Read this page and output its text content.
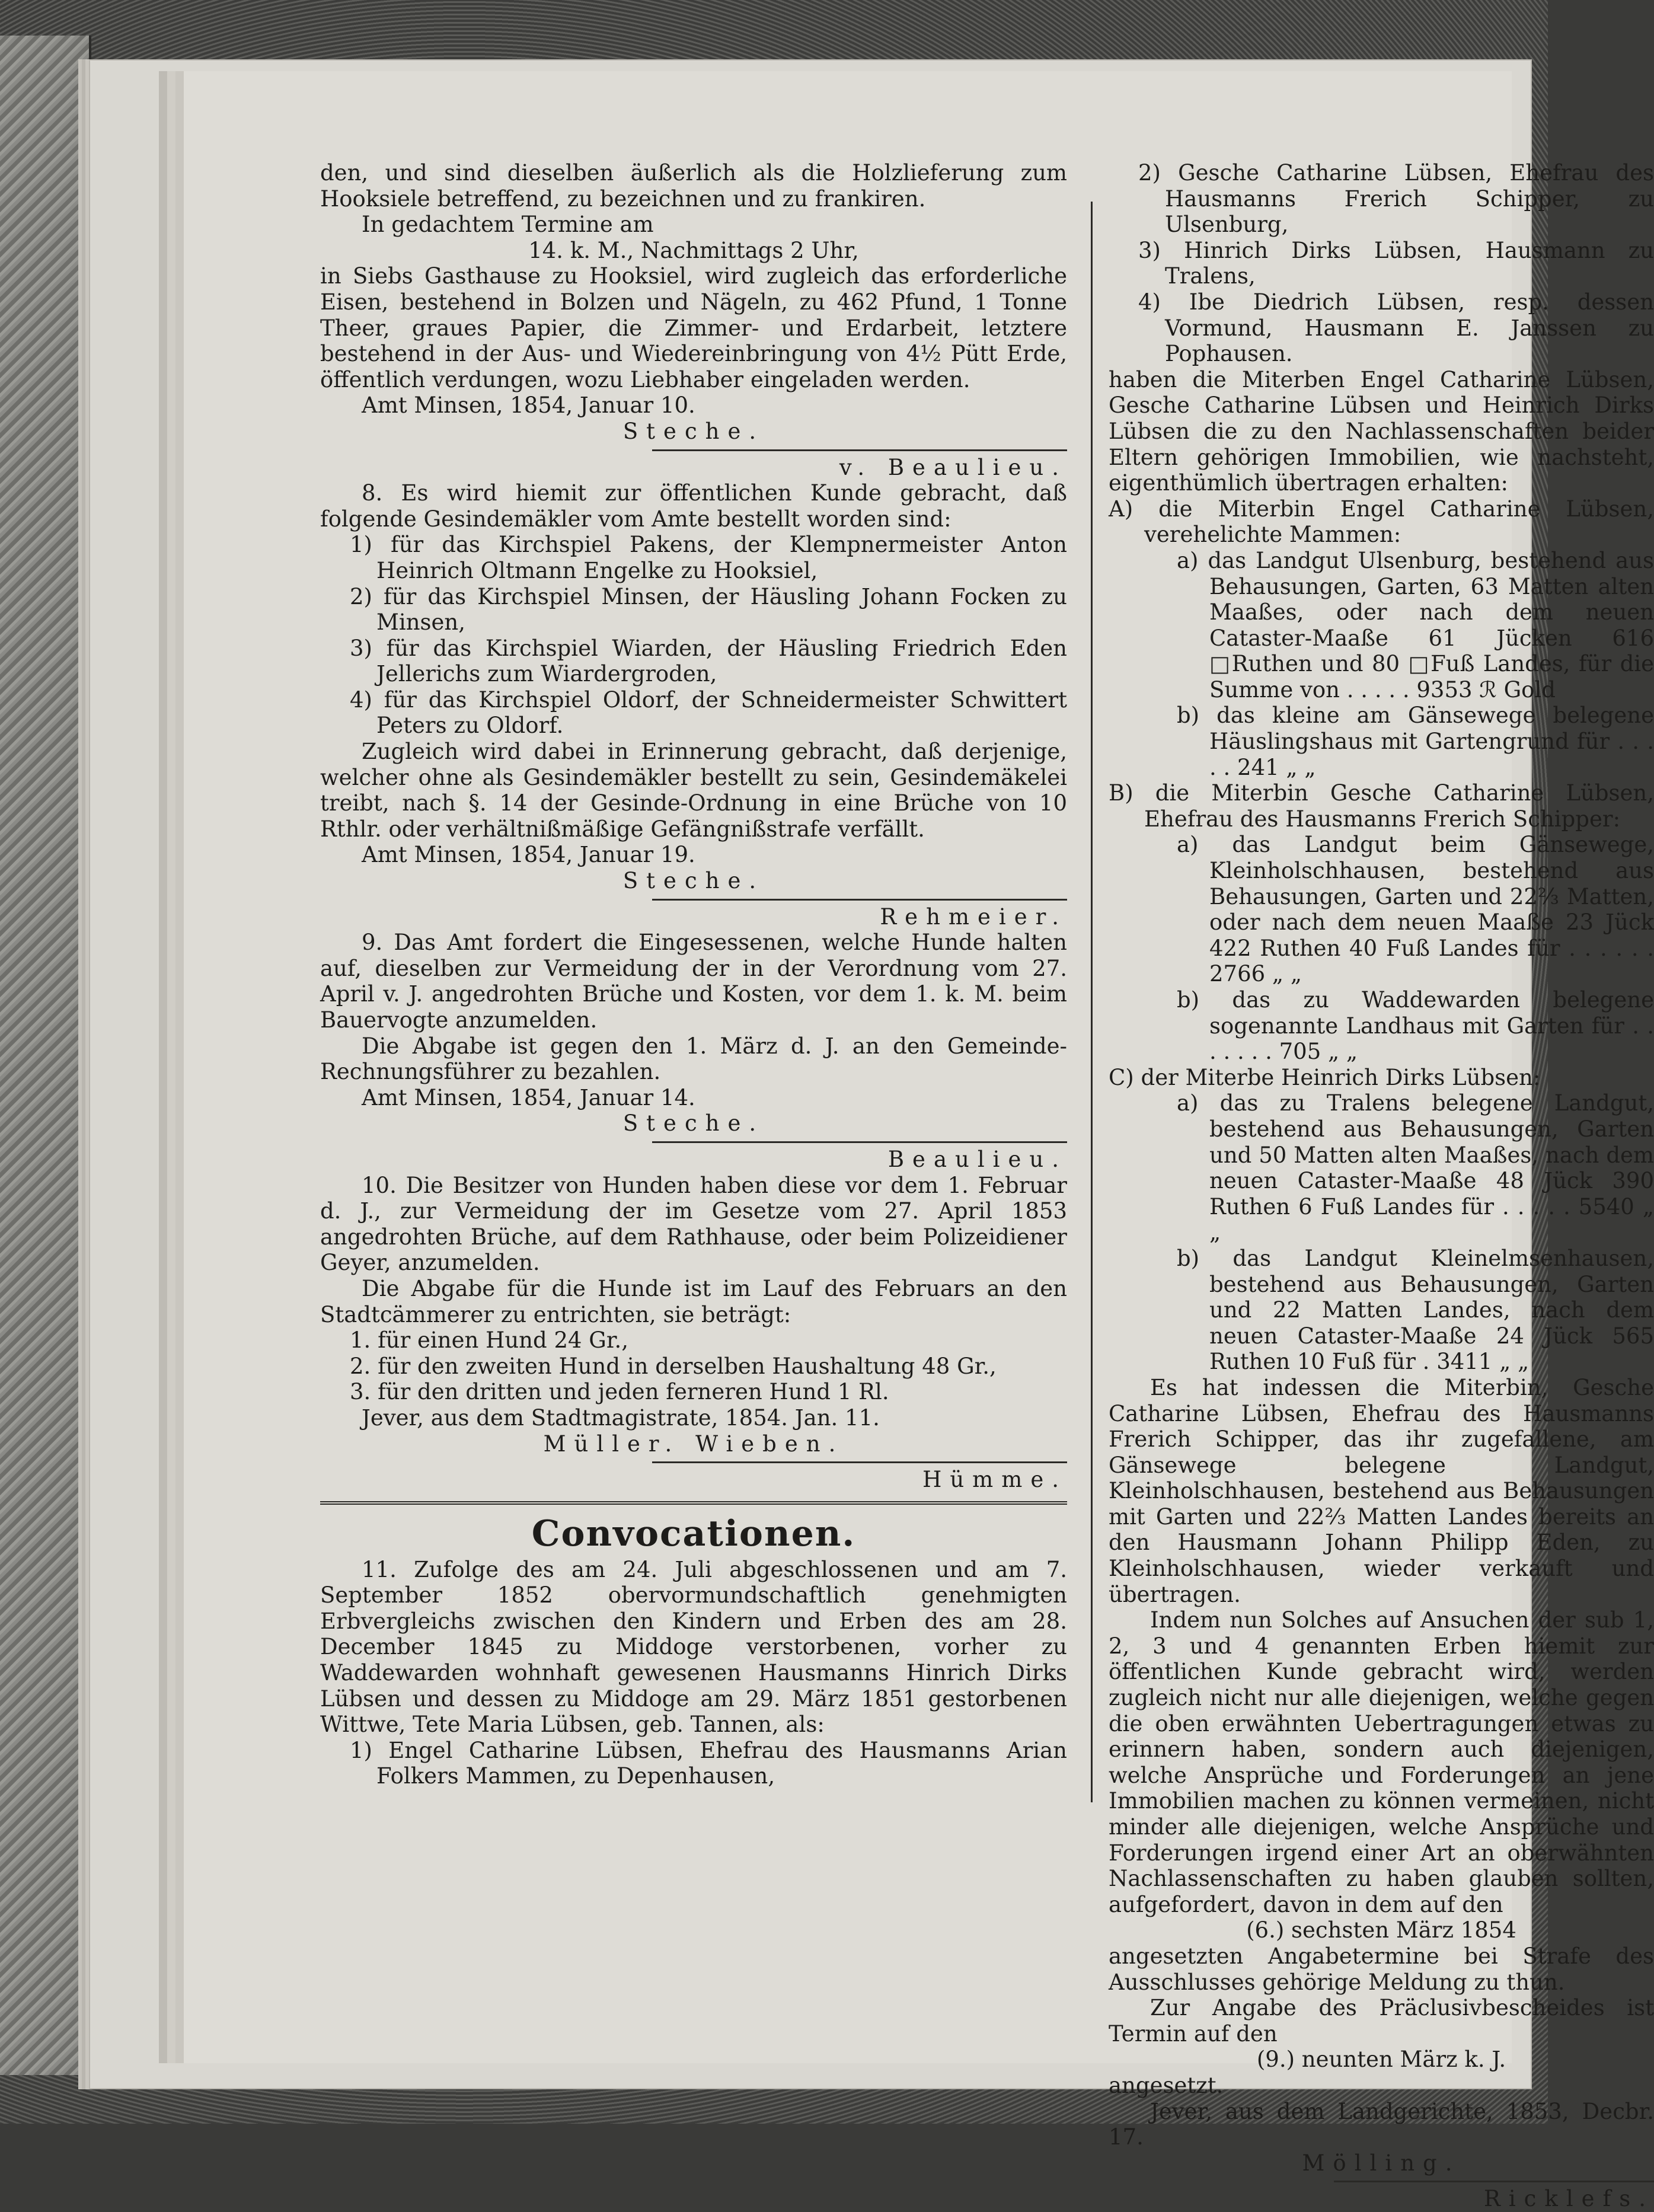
den, und sind dieselben äußerlich als die Holzlieferung zum Hooksiele betreffend, zu bezeichnen und zu frankiren.

In gedachtem Termine am

14. k. M., Nachmittags 2 Uhr,

in Siebs Gasthause zu Hooksiel, wird zugleich das erforderliche Eisen, bestehend in Bolzen und Nägeln, zu 462 Pfund, 1 Tonne Theer, graues Papier, die Zimmer- und Erdarbeit, letztere bestehend in der Aus- und Wiedereinbringung von 4½ Pütt Erde, öffentlich verdungen, wozu Liebhaber eingeladen werden.

Amt Minsen, 1854, Januar 10.

Steche.

v. Beaulieu.

8. Es wird hiemit zur öffentlichen Kunde gebracht, daß folgende Gesindemäkler vom Amte bestellt worden sind:

1) für das Kirchspiel Pakens, der Klempnermeister Anton Heinrich Oltmann Engelke zu Hooksiel,

2) für das Kirchspiel Minsen, der Häusling Johann Focken zu Minsen,

3) für das Kirchspiel Wiarden, der Häusling Friedrich Eden Jellerichs zum Wiardergroden,

4) für das Kirchspiel Oldorf, der Schneidermeister Schwittert Peters zu Oldorf.

Zugleich wird dabei in Erinnerung gebracht, daß derjenige, welcher ohne als Gesindemäkler bestellt zu sein, Gesindemäkelei treibt, nach §. 14 der Gesinde-Ordnung in eine Brüche von 10 Rthlr. oder verhältnißmäßige Gefängnißstrafe verfällt.

Amt Minsen, 1854, Januar 19.

Steche.

Rehmeier.

9. Das Amt fordert die Eingesessenen, welche Hunde halten auf, dieselben zur Vermeidung der in der Verordnung vom 27. April v. J. angedrohten Brüche und Kosten, vor dem 1. k. M. beim Bauervogte anzumelden.

Die Abgabe ist gegen den 1. März d. J. an den Gemeinde-Rechnungsführer zu bezahlen.

Amt Minsen, 1854, Januar 14.

Steche.

Beaulieu.

10. Die Besitzer von Hunden haben diese vor dem 1. Februar d. J., zur Vermeidung der im Gesetze vom 27. April 1853 angedrohten Brüche, auf dem Rathhause, oder beim Polizeidiener Geyer, anzumelden.

Die Abgabe für die Hunde ist im Lauf des Februars an den Stadtcämmerer zu entrichten, sie beträgt:

1. für einen Hund 24 Gr.,

2. für den zweiten Hund in derselben Haushaltung 48 Gr.,

3. für den dritten und jeden ferneren Hund 1 Rl.

Jever, aus dem Stadtmagistrate, 1854. Jan. 11.

Müller. Wieben.

Hümme.

Convocationen.

11. Zufolge des am 24. Juli abgeschlossenen und am 7. September 1852 obervormundschaftlich genehmigten Erbvergleichs zwischen den Kindern und Erben des am 28. December 1845 zu Middoge verstorbenen, vorher zu Waddewarden wohnhaft gewesenen Hausmanns Hinrich Dirks Lübsen und dessen zu Middoge am 29. März 1851 gestorbenen Wittwe, Tete Maria Lübsen, geb. Tannen, als:

1) Engel Catharine Lübsen, Ehefrau des Hausmanns Arian Folkers Mammen, zu Depenhausen,

2) Gesche Catharine Lübsen, Ehefrau des Hausmanns Frerich Schipper, zu Ulsenburg,

3) Hinrich Dirks Lübsen, Hausmann zu Tralens,

4) Ibe Diedrich Lübsen, resp. dessen Vormund, Hausmann E. Janssen zu Pophausen.

haben die Miterben Engel Catharine Lübsen, Gesche Catharine Lübsen und Heinrich Dirks Lübsen die zu den Nachlassenschaften beider Eltern gehörigen Immobilien, wie nachsteht, eigenthümlich übertragen erhalten:

A) die Miterbin Engel Catharine Lübsen, verehelichte Mammen:

a) das Landgut Ulsenburg, bestehend aus Behausungen, Garten, 63 Matten alten Maaßes, oder nach dem neuen Cataster-Maaße 61 Jücken 616 □Ruthen und 80 □Fuß Landes, für die Summe von . . . . . 9353 ℛ Gold

b) das kleine am Gänsewege belegene Häuslingshaus mit Gartengrund für . . . . . 241 „ „

B) die Miterbin Gesche Catharine Lübsen, Ehefrau des Hausmanns Frerich Schipper:

a) das Landgut beim Gänsewege, Kleinholschhausen, bestehend aus Behausungen, Garten und 22⅔ Matten, oder nach dem neuen Maaße 23 Jück 422 Ruthen 40 Fuß Landes für . . . . . . 2766 „ „

b) das zu Waddewarden belegene sogenannte Landhaus mit Garten für . . . . . . . 705 „ „

C) der Miterbe Heinrich Dirks Lübsen:

a) das zu Tralens belegene Landgut, bestehend aus Behausungen, Garten und 50 Matten alten Maaßes, nach dem neuen Cataster-Maaße 48 Jück 390 Ruthen 6 Fuß Landes für . . . . . 5540 „ „

b) das Landgut Kleinelmsenhausen, bestehend aus Behausungen, Garten und 22 Matten Landes, nach dem neuen Cataster-Maaße 24 Jück 565 Ruthen 10 Fuß für . 3411 „ „

Es hat indessen die Miterbin, Gesche Catharine Lübsen, Ehefrau des Hausmanns Frerich Schipper, das ihr zugefallene, am Gänsewege belegene Landgut, Kleinholschhausen, bestehend aus Behausungen mit Garten und 22⅔ Matten Landes bereits an den Hausmann Johann Philipp Eden, zu Kleinholschhausen, wieder verkauft und übertragen.

Indem nun Solches auf Ansuchen der sub 1, 2, 3 und 4 genannten Erben hiemit zur öffentlichen Kunde gebracht wird, werden zugleich nicht nur alle diejenigen, welche gegen die oben erwähnten Uebertragungen etwas zu erinnern haben, sondern auch diejenigen, welche Ansprüche und Forderungen an jene Immobilien machen zu können vermeinen, nicht minder alle diejenigen, welche Ansprüche und Forderungen irgend einer Art an oberwähnten Nachlassenschaften zu haben glauben sollten, aufgefordert, davon in dem auf den

(6.) sechsten März 1854

angesetzten Angabetermine bei Strafe des Ausschlusses gehörige Meldung zu thun.

Zur Angabe des Präclusivbescheides ist Termin auf den

(9.) neunten März k. J.

angesetzt.

Jever, aus dem Landgerichte, 1853, Decbr. 17.

Mölling.

Ricklefs.
